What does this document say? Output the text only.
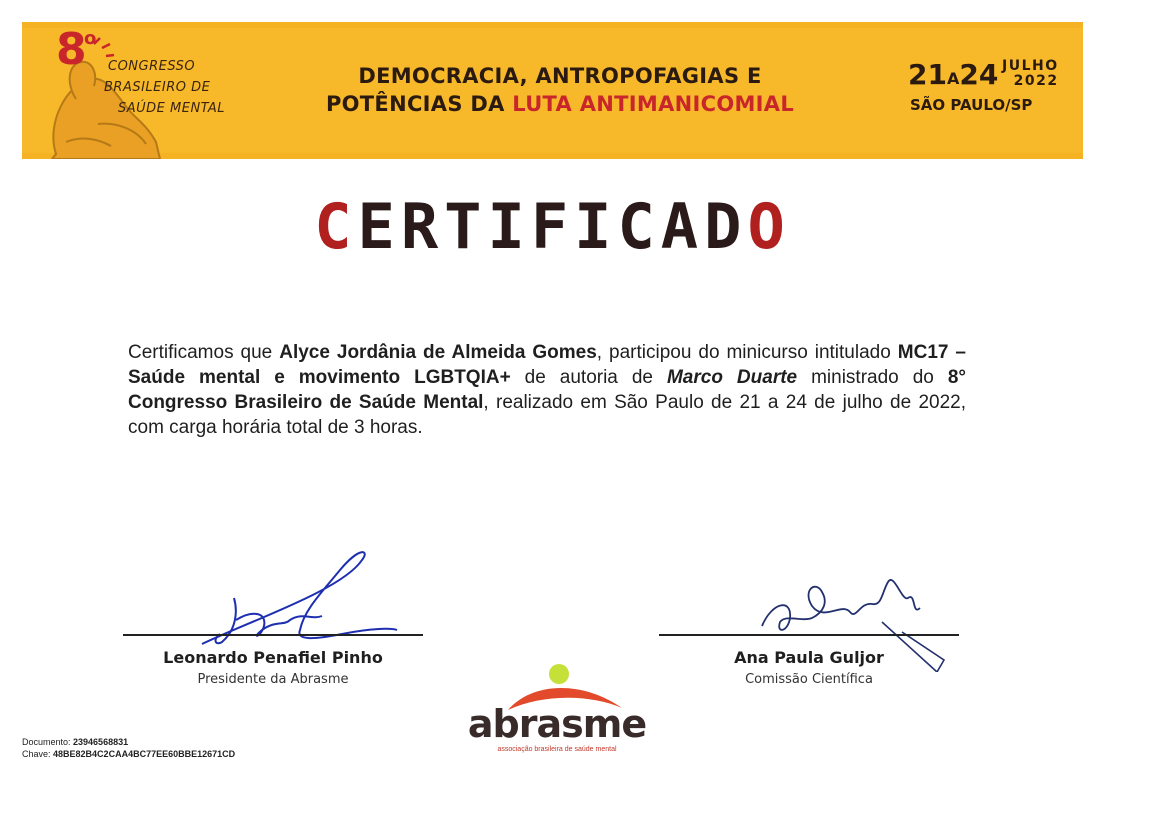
8
o
CONGRESSO
BRASILEIRO DE
SAÚDE MENTAL
DEMOCRACIA, ANTROPOFAGIAS E
POTÊNCIAS DA LUTA ANTIMANICOMIAL
21A24 JULHO
2022
SÃO PAULO/SP
CERTIFICADO
Certificamos que Alyce Jordânia de Almeida Gomes, participou do minicurso intitulado MC17 – Saúde mental e movimento LGBTQIA+ de autoria de Marco Duarte ministrado do 8° Congresso Brasileiro de Saúde Mental, realizado em São Paulo de 21 a 24 de julho de 2022, com carga horária total de 3 horas.
Leonardo Penafiel Pinho
Presidente da Abrasme
Ana Paula Guljor
Comissão Científica
abrasme
associação brasileira de saúde mental
Documento: 23946568831
Chave: 48BE82B4C2CAA4BC77EE60BBE12671CD
